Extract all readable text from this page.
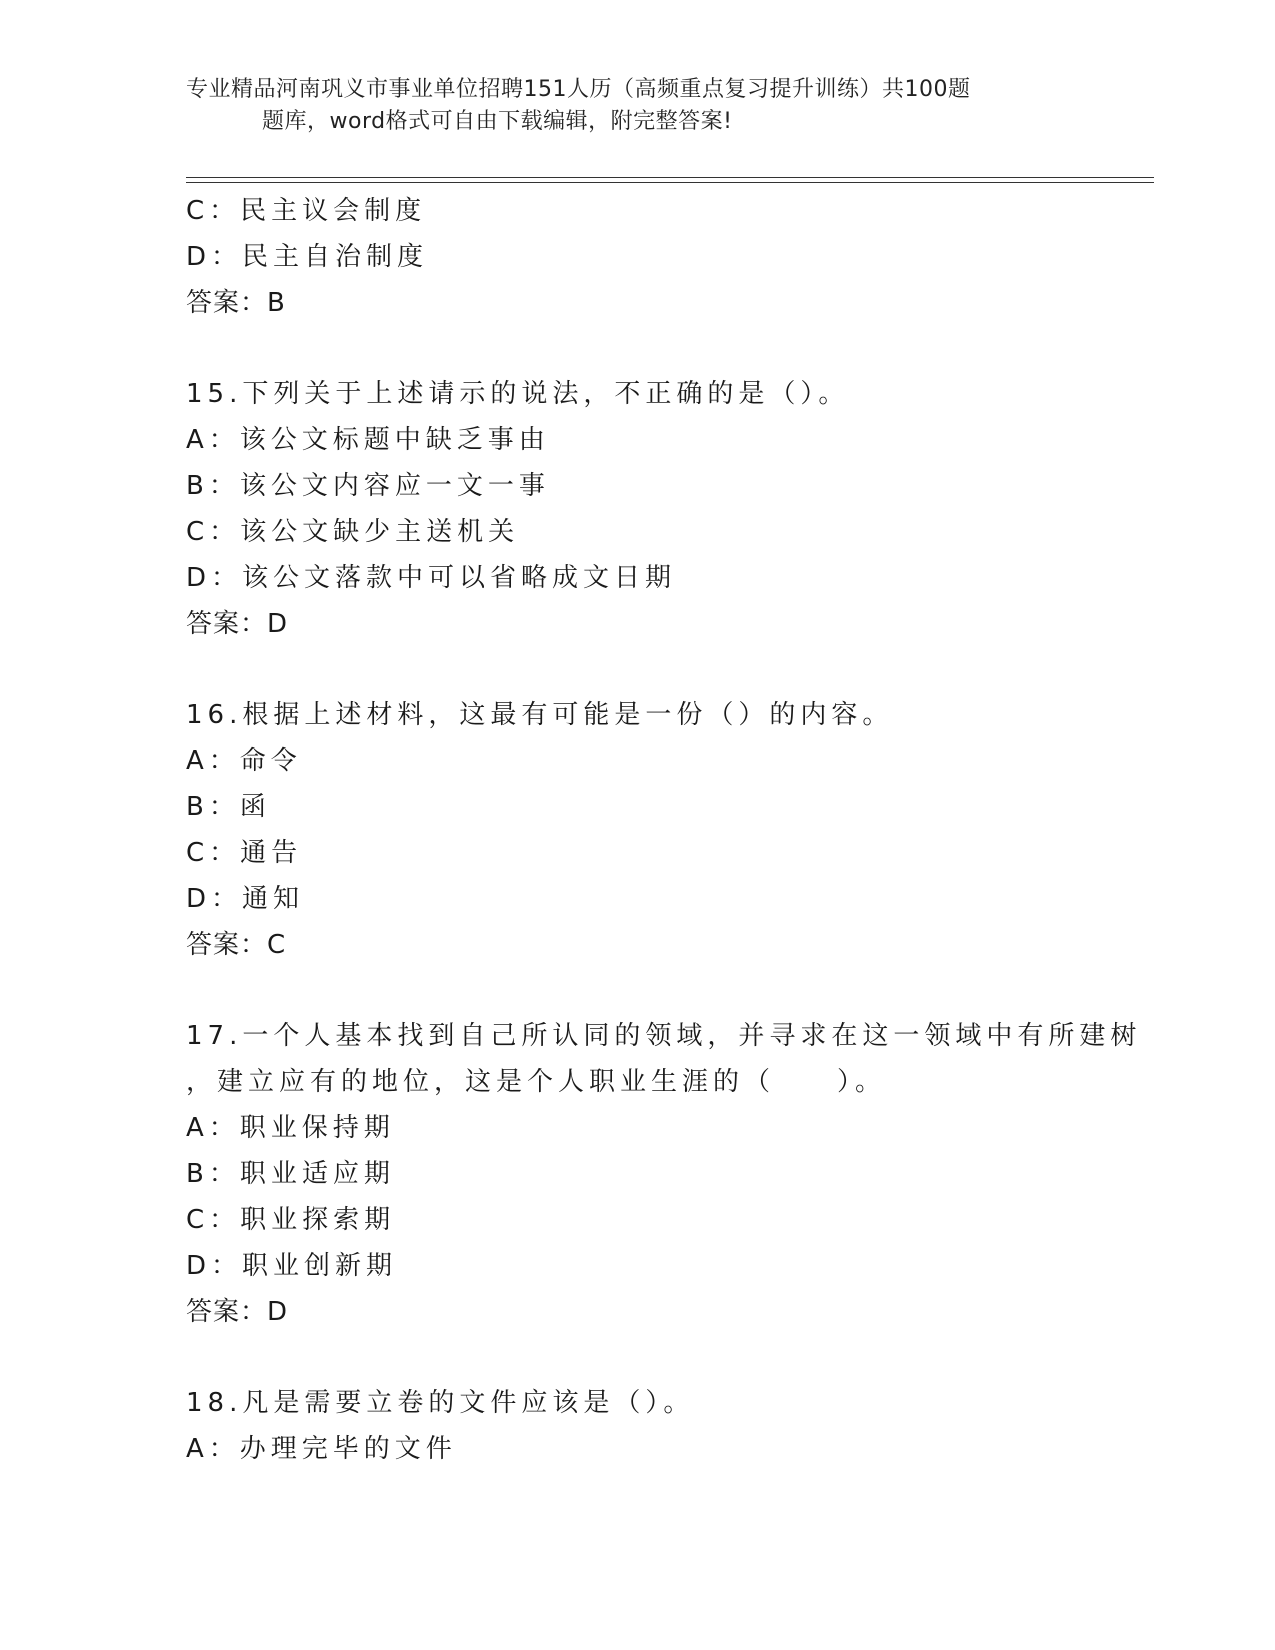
专业精品河南巩义市事业单位招聘151人历（高频重点复习提升训练）共100题
题库，word格式可自由下载编辑，附完整答案!
C：民主议会制度
D：民主自治制度
答案：B
15.下列关于上述请示的说法，不正确的是（）。
A：该公文标题中缺乏事由
B：该公文内容应一文一事
C：该公文缺少主送机关
D：该公文落款中可以省略成文日期
答案：D
16.根据上述材料，这最有可能是一份（）的内容。
A：命令
B：函
C：通告
D：通知
答案：C
17.一个人基本找到自己所认同的领域，并寻求在这一领域中有所建树
，建立应有的地位，这是个人职业生涯的（　　）。
A：职业保持期
B：职业适应期
C：职业探索期
D：职业创新期
答案：D
18.凡是需要立卷的文件应该是（）。
A：办理完毕的文件
